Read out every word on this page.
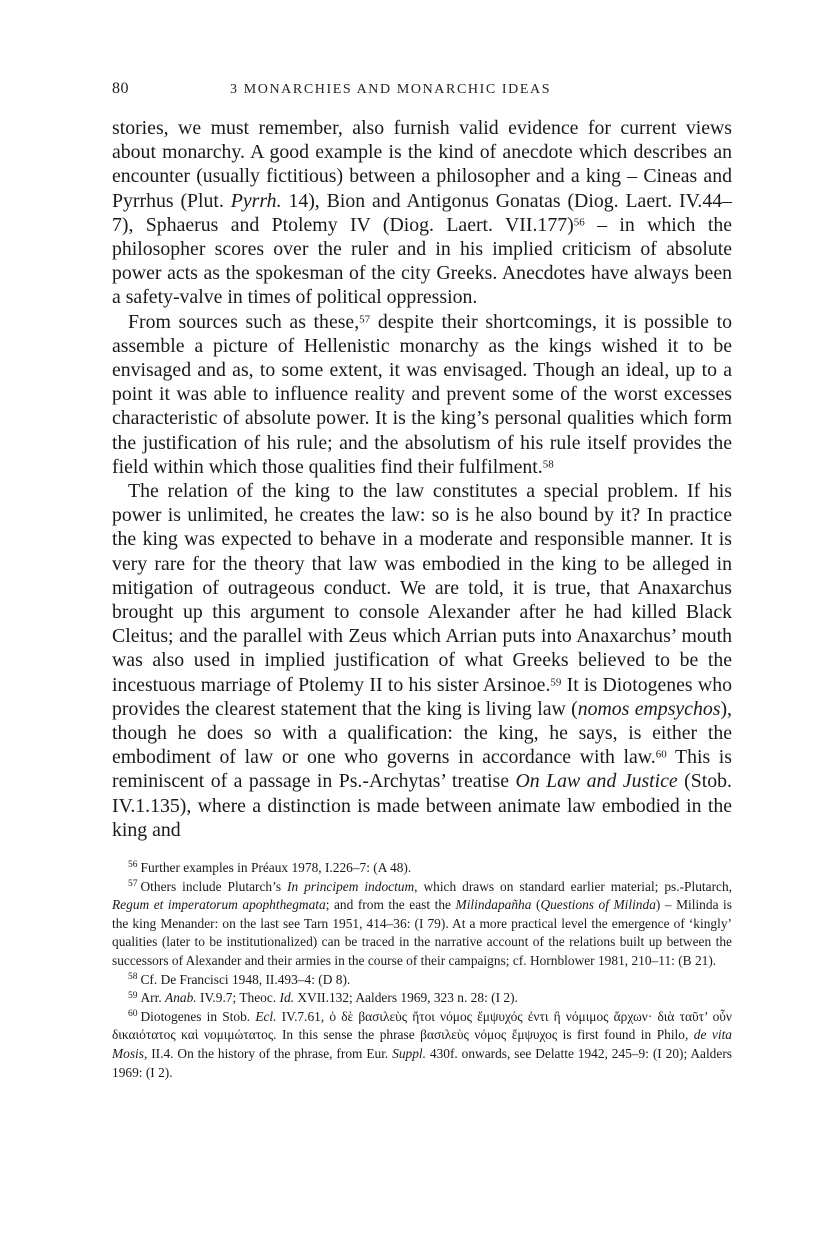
80	3 MONARCHIES AND MONARCHIC IDEAS

stories, we must remember, also furnish valid evidence for current views about monarchy. A good example is the kind of anecdote which describes an encounter (usually fictitious) between a philosopher and a king – Cineas and Pyrrhus (Plut. Pyrrh. 14), Bion and Antigonus Gonatas (Diog. Laert. IV.44–7), Sphaerus and Ptolemy IV (Diog. Laert. VII.177)$^{56}$ – in which the philosopher scores over the ruler and in his implied criticism of absolute power acts as the spokesman of the city Greeks. Anecdotes have always been a safety-valve in times of political oppression.

From sources such as these,$^{57}$ despite their shortcomings, it is possible to assemble a picture of Hellenistic monarchy as the kings wished it to be envisaged and as, to some extent, it was envisaged. Though an ideal, up to a point it was able to influence reality and prevent some of the worst excesses characteristic of absolute power. It is the king’s personal qualities which form the justification of his rule; and the absolutism of his rule itself provides the field within which those qualities find their fulfilment.$^{58}$

The relation of the king to the law constitutes a special problem. If his power is unlimited, he creates the law: so is he also bound by it? In practice the king was expected to behave in a moderate and responsible manner. It is very rare for the theory that law was embodied in the king to be alleged in mitigation of outrageous conduct. We are told, it is true, that Anaxarchus brought up this argument to console Alexander after he had killed Black Cleitus; and the parallel with Zeus which Arrian puts into Anaxarchus’ mouth was also used in implied justification of what Greeks believed to be the incestuous marriage of Ptolemy II to his sister Arsinoe.$^{59}$ It is Diotogenes who provides the clearest statement that the king is living law (nomos empsychos), though he does so with a qualification: the king, he says, is either the embodiment of law or one who governs in accordance with law.$^{60}$ This is reminiscent of a passage in Ps.-Archytas’ treatise On Law and Justice (Stob. IV.1.135), where a distinction is made between animate law embodied in the king and

$^{56}$ Further examples in Préaux 1978, I.226–7: (A 48).

$^{57}$ Others include Plutarch’s In principem indoctum, which draws on standard earlier material; ps.-Plutarch, Regum et imperatorum apophthegmata; and from the east the Milindapañha (Questions of Milinda) – Milinda is the king Menander: on the last see Tarn 1951, 414–36: (I 79). At a more practical level the emergence of ‘kingly’ qualities (later to be institutionalized) can be traced in the narrative account of the relations built up between the successors of Alexander and their armies in the course of their campaigns; cf. Hornblower 1981, 210–11: (B 21).

$^{58}$ Cf. De Francisci 1948, II.493–4: (D 8).

$^{59}$ Arr. Anab. IV.9.7; Theoc. Id. XVII.132; Aalders 1969, 323 n. 28: (I 2).

$^{60}$ Diotogenes in Stob. Ecl. IV.7.61, ὁ δὲ βασιλεὺς ἤτοι νόμος ἔμψυχός ἐντι ἢ νόμιμος ἄρχων· διὰ ταῦτ’ οὖν δικαιότατος καὶ νομιμώτατος. In this sense the phrase βασιλεὺς νόμος ἔμψυχος is first found in Philo, de vita Mosis, II.4. On the history of the phrase, from Eur. Suppl. 430f. onwards, see Delatte 1942, 245–9: (I 20); Aalders 1969: (I 2).
